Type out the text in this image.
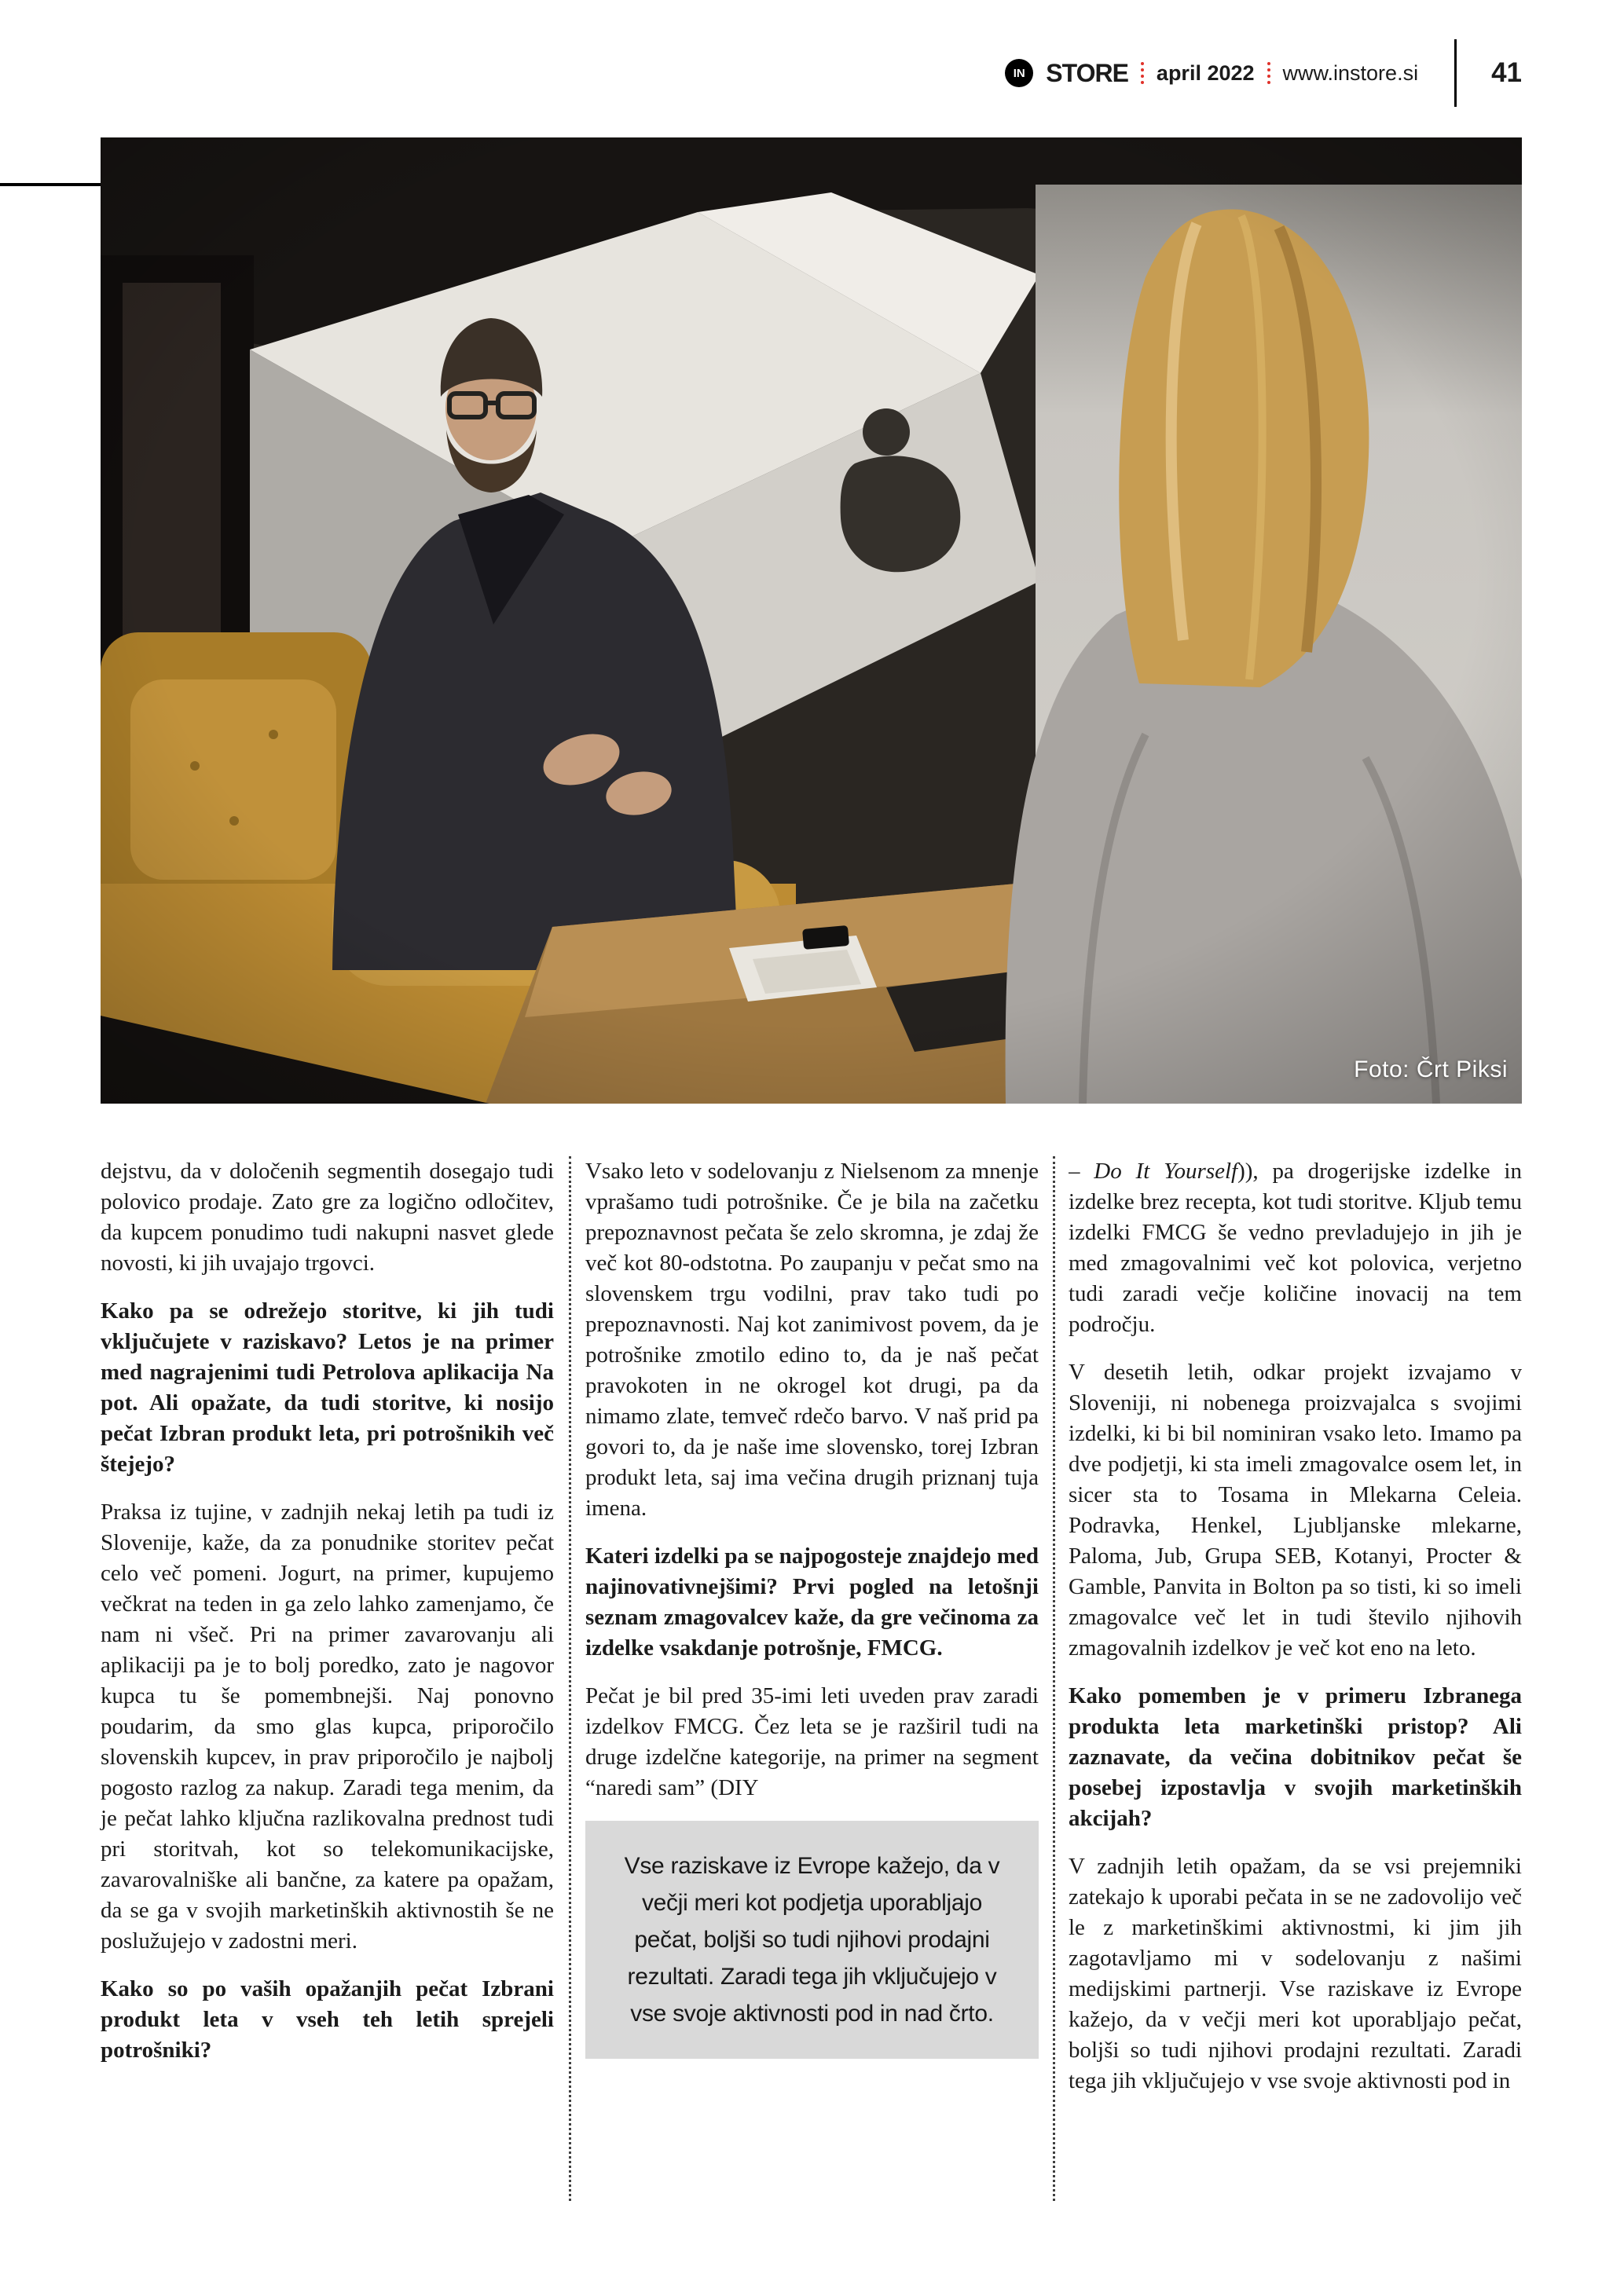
IN STORE april 2022 www.instore.si	41
Foto: Črt Piksi

dejstvu, da v določenih segmentih dosegajo tudi polovico prodaje. Zato gre za logično odločitev, da kupcem ponudimo tudi nakupni nasvet glede novosti, ki jih uvajajo trgovci.

Kako pa se odrežejo storitve, ki jih tudi vključujete v raziskavo? Letos je na primer med nagrajenimi tudi Petrolova aplikacija Na pot. Ali opažate, da tudi storitve, ki nosijo pečat Izbran produkt leta, pri potrošnikih več štejejo?

Praksa iz tujine, v zadnjih nekaj letih pa tudi iz Slovenije, kaže, da za ponudnike storitev pečat celo več pomeni. Jogurt, na primer, kupujemo večkrat na teden in ga zelo lahko zamenjamo, če nam ni všeč. Pri na primer zavarovanju ali aplikaciji pa je to bolj poredko, zato je nagovor kupca tu še pomembnejši. Naj ponovno poudarim, da smo glas kupca, priporočilo slovenskih kupcev, in prav priporočilo je najbolj pogosto razlog za nakup. Zaradi tega menim, da je pečat lahko ključna razlikovalna prednost tudi pri storitvah, kot so telekomunikacijske, zavarovalniške ali bančne, za katere pa opažam, da se ga v svojih marketinških aktivnostih še ne poslužujejo v zadostni meri.

Kako so po vaših opažanjih pečat Izbrani produkt leta v vseh teh letih sprejeli potrošniki?

Vsako leto v sodelovanju z Nielsenom za mnenje vprašamo tudi potrošnike. Če je bila na začetku prepoznavnost pečata še zelo skromna, je zdaj že več kot 80-odstotna. Po zaupanju v pečat smo na slovenskem trgu vodilni, prav tako tudi po prepoznavnosti. Naj kot zanimivost povem, da je potrošnike zmotilo edino to, da je naš pečat pravokoten in ne okrogel kot drugi, pa da nimamo zlate, temveč rdečo barvo. V naš prid pa govori to, da je naše ime slovensko, torej Izbran produkt leta, saj ima večina drugih priznanj tuja imena.

Kateri izdelki pa se najpogosteje znajdejo med najinovativnejšimi? Prvi pogled na letošnji seznam zmagovalcev kaže, da gre večinoma za izdelke vsakdanje potrošnje, FMCG.

Pečat je bil pred 35-imi leti uveden prav zaradi izdelkov FMCG. Čez leta se je razširil tudi na druge izdelčne kategorije, na primer na segment “naredi sam” (DIY

Vse raziskave iz Evrope kažejo, da v večji meri kot podjetja uporabljajo pečat, boljši so tudi njihovi prodajni rezultati. Zaradi tega jih vključujejo v vse svoje aktivnosti pod in nad črto.

– Do It Yourself)), pa drogerijske izdelke in izdelke brez recepta, kot tudi storitve. Kljub temu izdelki FMCG še vedno prevladujejo in jih je med zmagovalnimi več kot polovica, verjetno tudi zaradi večje količine inovacij na tem področju.

V desetih letih, odkar projekt izvajamo v Sloveniji, ni nobenega proizvajalca s svojimi izdelki, ki bi bil nominiran vsako leto. Imamo pa dve podjetji, ki sta imeli zmagovalce osem let, in sicer sta to Tosama in Mlekarna Celeia. Podravka, Henkel, Ljubljanske mlekarne, Paloma, Jub, Grupa SEB, Kotanyi, Procter & Gamble, Panvita in Bolton pa so tisti, ki so imeli zmagovalce več let in tudi število njihovih zmagovalnih izdelkov je več kot eno na leto.

Kako pomemben je v primeru Izbranega produkta leta marketinški pristop? Ali zaznavate, da večina dobitnikov pečat še posebej izpostavlja v svojih marketinških akcijah?

V zadnjih letih opažam, da se vsi prejemniki zatekajo k uporabi pečata in se ne zadovolijo več le z marketinškimi aktivnostmi, ki jim jih zagotavljamo mi v sodelovanju z našimi medijskimi partnerji. Vse raziskave iz Evrope kažejo, da v večji meri kot uporabljajo pečat, boljši so tudi njihovi prodajni rezultati. Zaradi tega jih vključujejo v vse svoje aktivnosti pod in
